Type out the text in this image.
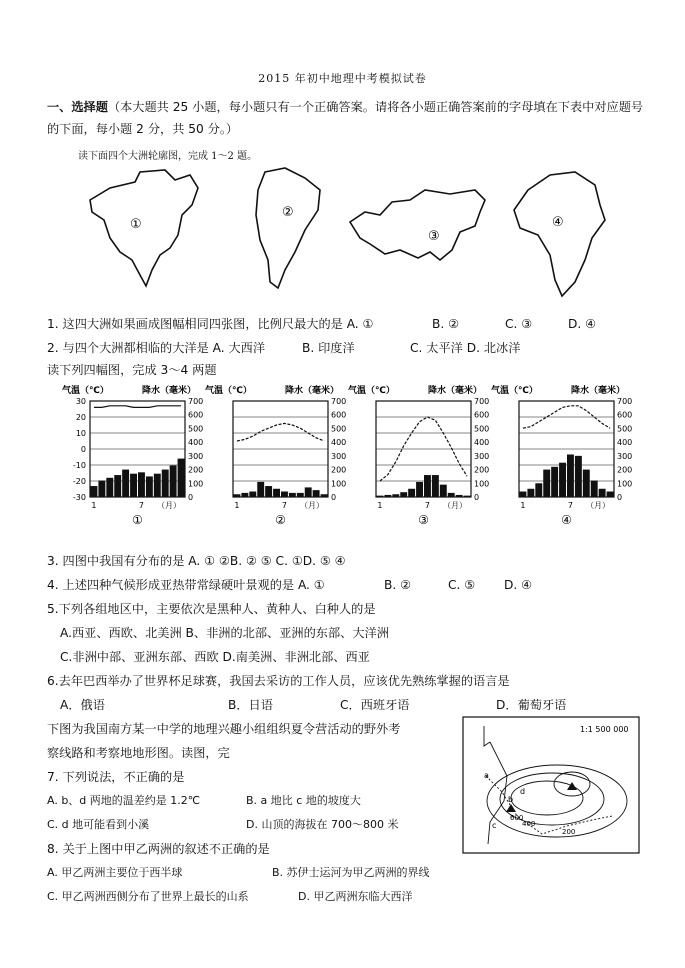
2015 年初中地理中考模拟试卷
一、选择题（本大题共 25 小题，每小题只有一个正确答案。请将各小题正确答案前的字母填在下表中对应题号
的下面，每小题 2 分，共 50 分。）
读下面四个大洲轮廓图，完成 1～2 题。
①
②
③
④
1. 这四大洲如果画成图幅相同四张图，比例尺最大的是 A. ①	B. ②	C. ③	D. ④
2. 与四个大洲都相临的大洋是 A. 大西洋	B. 印度洋	C. 太平洋 D. 北冰洋
读下列四幅图，完成 3～4 两题
气温（℃）	降水（毫米）
30
20
10
0
-10
-20
-30
700
600
500
400
300
200
100
0
1	7 （月）
①
气温（℃）	降水（毫米）
700
600
500
400
300
200
100
0
1	7 （月）
②
气温（℃）	降水（毫米）
700
600
500
400
300
200
100
0
1	7 （月）
③
气温（℃）	降水（毫米）
700
600
500
400
300
200
100
0
1	7 （月）
④
3. 四图中我国有分布的是 A. ① ②B. ② ⑤ C. ①D. ⑤ ④
4. 上述四种气候形成亚热带常绿硬叶景观的是 A. ①	B. ②	C. ⑤ D. ④
5.下列各组地区中，主要依次是黑种人、黄种人、白种人的是
A.西亚、西欧、北美洲 B、非洲的北部、亚洲的东部、大洋洲
C.非洲中部、亚洲东部、西欧 D.南美洲、非洲北部、西亚
6.去年巴西举办了世界杯足球赛，我国去采访的工作人员，应该优先熟练掌握的语言是
A．俄语	B．日语	C．西班牙语	D．葡萄牙语
下图为我国南方某一中学的地理兴趣小组组织夏令营活动的野外考
察线路和考察地地形图。读图，完
1:1 500 000
400
600
200
a
b
c
d
7. 下列说法，不正确的是
A. b、d 两地的温差约是 1.2℃	B. a 地比 c 地的坡度大
C. d 地可能看到小溪	D. 山顶的海拔在 700～800 米
8. 关于上图中甲乙两洲的叙述不正确的是
A. 甲乙两洲主要位于西半球	B. 苏伊士运河为甲乙两洲的界线
C. 甲乙两洲西侧分布了世界上最长的山系	D. 甲乙两洲东临大西洋
